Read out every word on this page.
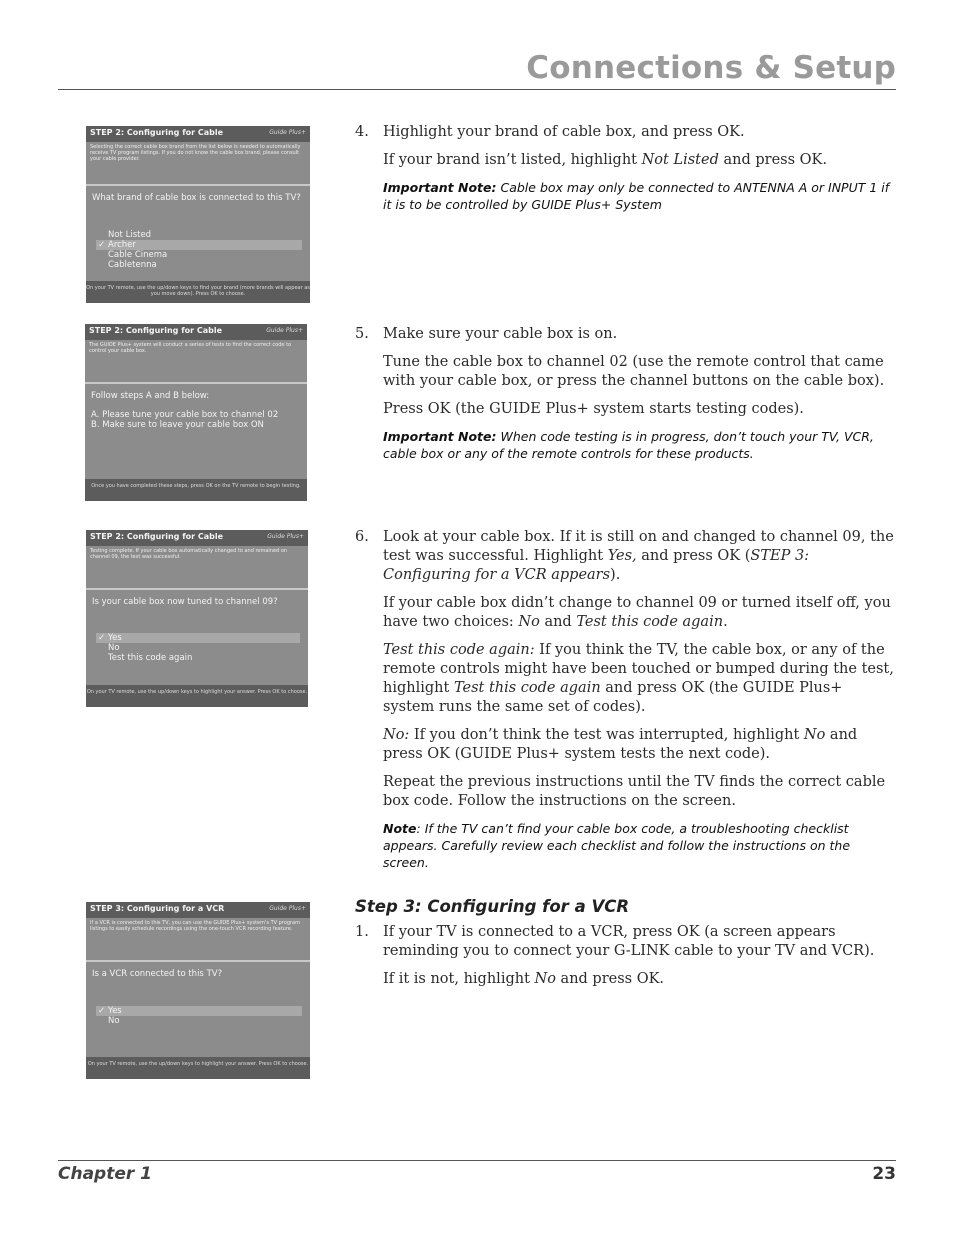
Connections & Setup
STEP 2: Configuring for Cable	Guide Plus+
Selecting the correct cable box brand from the list below is needed to automatically receive TV program listings. If you do not know the cable box brand, please consult your cable provider.
What brand of cable box is connected to this TV?
Not Listed
✓ Archer
Cable Cinema
Cabletenna
On your TV remote, use the up/down keys to find your brand (more brands will appear as you move down). Press OK to choose.
STEP 2: Configuring for Cable	Guide Plus+
The GUIDE Plus+ system will conduct a series of tests to find the correct code to control your cable box.
Follow steps A and B below:
A. Please tune your cable box to channel 02
B. Make sure to leave your cable box ON
Once you have completed these steps, press OK on the TV remote to begin testing.
STEP 2: Configuring for Cable	Guide Plus+
Testing complete. If your cable box automatically changed to and remained on channel 09, the test was successful.
Is your cable box now tuned to channel 09?
✓ Yes
No
Test this code again
On your TV remote, use the up/down keys to highlight your answer. Press OK to choose.
STEP 3: Configuring for a VCR	Guide Plus+
If a VCR is connected to this TV, you can use the GUIDE Plus+ system's TV program listings to easily schedule recordings using the one-touch VCR recording feature.
Is a VCR connected to this TV?
✓ Yes
No
On your TV remote, use the up/down keys to highlight your answer. Press OK to choose.
4. Highlight your brand of cable box, and press OK.
If your brand isn’t listed, highlight Not Listed and press OK.
Important Note: Cable box may only be connected to ANTENNA A or INPUT 1 if it is to be controlled by GUIDE Plus+ System
5. Make sure your cable box is on.
Tune the cable box to channel 02 (use the remote control that came with your cable box, or press the channel buttons on the cable box).
Press OK (the GUIDE Plus+ system starts testing codes).
Important Note: When code testing is in progress, don’t touch your TV, VCR, cable box or any of the remote controls for these products.
6. Look at your cable box. If it is still on and changed to channel 09, the test was successful. Highlight Yes, and press OK (STEP 3: Configuring for a VCR appears).
If your cable box didn’t change to channel 09 or turned itself off, you have two choices: No and Test this code again.
Test this code again: If you think the TV, the cable box, or any of the remote controls might have been touched or bumped during the test, highlight Test this code again and press OK (the GUIDE Plus+ system runs the same set of codes).
No: If you don’t think the test was interrupted, highlight No and press OK (GUIDE Plus+ system tests the next code).
Repeat the previous instructions until the TV finds the correct cable box code. Follow the instructions on the screen.
Note: If the TV can’t find your cable box code, a troubleshooting checklist appears. Carefully review each checklist and follow the instructions on the screen.
Step 3: Configuring for a VCR
1. If your TV is connected to a VCR, press OK (a screen appears reminding you to connect your G-LINK cable to your TV and VCR).
If it is not, highlight No and press OK.
Chapter 1	23
